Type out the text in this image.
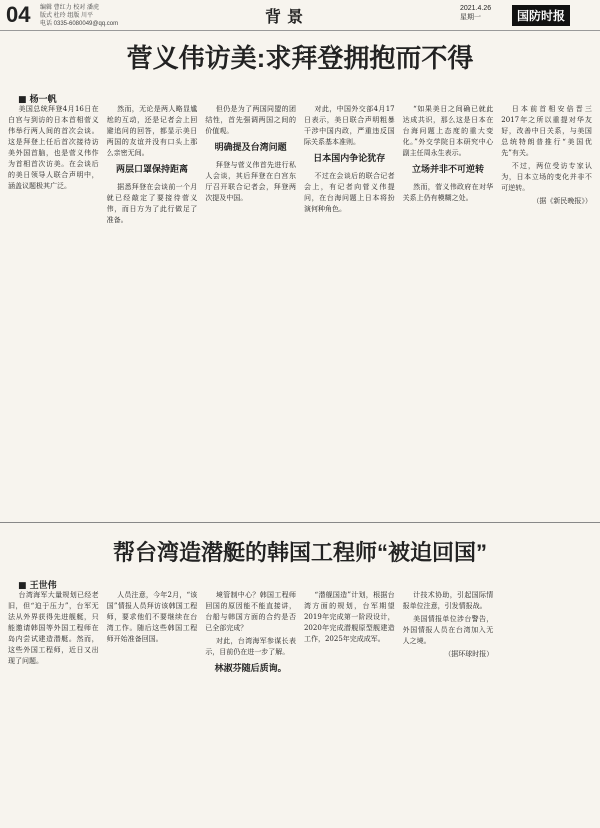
04 编辑 曹红力 校对 潘虎
版式 杜玲 组版 川平
电话 0335-6080049@qq.com	背景	2021.4.26
星期一	国防时报
菅义伟访美:求拜登拥抱而不得
■ 杨一帆

美国总统拜登4月16日在白宫与到访的日本首相菅义伟举行两人间的首次会谈。这是拜登上任后首次接待访美外国首脑，也是菅义伟作为首相首次访美。在会谈后的美日领导人联合声明中，涵盖议题极其广泛。

然而，无论是两人略显尴尬的互动，还是记者会上回避追问的回答，都显示美日两国的友谊并没有口头上那么亲密无间。

两层口罩保持距离

据悉拜登在会谈前一个月就已经敲定了要接待菅义伟，而日方为了此行做足了准备。

但仍是为了两国同盟的团结性，首先强调两国之间的价值观。

明确提及台湾问题

拜登与菅义伟首先进行私人会谈，其后拜登在白宫东厅召开联合记者会，拜登两次提及中国。

对此，中国外交部4月17日表示，美日联合声明粗暴干涉中国内政，严重违反国际关系基本准则。

日本国内争论犹存

不过在会谈后的联合记者会上，有记者向菅义伟提问，在台海问题上日本将扮演何种角色。

“如果美日之间确已就此达成共识，那么这是日本在台海问题上态度的重大变化。”外交学院日本研究中心副主任周永生表示。

立场并非不可逆转

然而，菅义伟政府在对华关系上仍有模糊之处。

日本前首相安倍晋三2017年之所以重提对华友好，改善中日关系，与美国总统特朗普推行“美国优先”有关。

不过，两位受访专家认为，日本立场的变化并非不可逆转。

（据《新民晚报》）

帮台湾造潜艇的韩国工程师“被迫回国”
■ 王世伟

台湾海军大量规划已经老旧，但“迫于压力”，台军无法从外界获得先进舰艇，只能邀请韩国等外国工程师在岛内尝试建造潜艇。然而，这些外国工程师，近日又出现了问题。

人员注意，今年2月，“该国”情报人员拜访该韩国工程师，要求他们不要继续在台湾工作。随后这些韩国工程师开始准备回国。

境管制中心？韩国工程师回国的原因能不能直接讲，台船与韩国方面的合约是否已全部完成？

对此，台湾海军参谋长表示，目前仍在进一步了解。

林淑芬随后质询。

“潜舰国造”计划，根据台湾方面的规划，台军期望2019年完成第一阶段设计，2020年完成潜舰原型舰建造工作，2025年完成成军。

计技术协助，引起国际情报单位注意，引发情报战。

美国情报单位涉台警告，外国情报人员在台湾加入无人之境。

（据环球时报）
